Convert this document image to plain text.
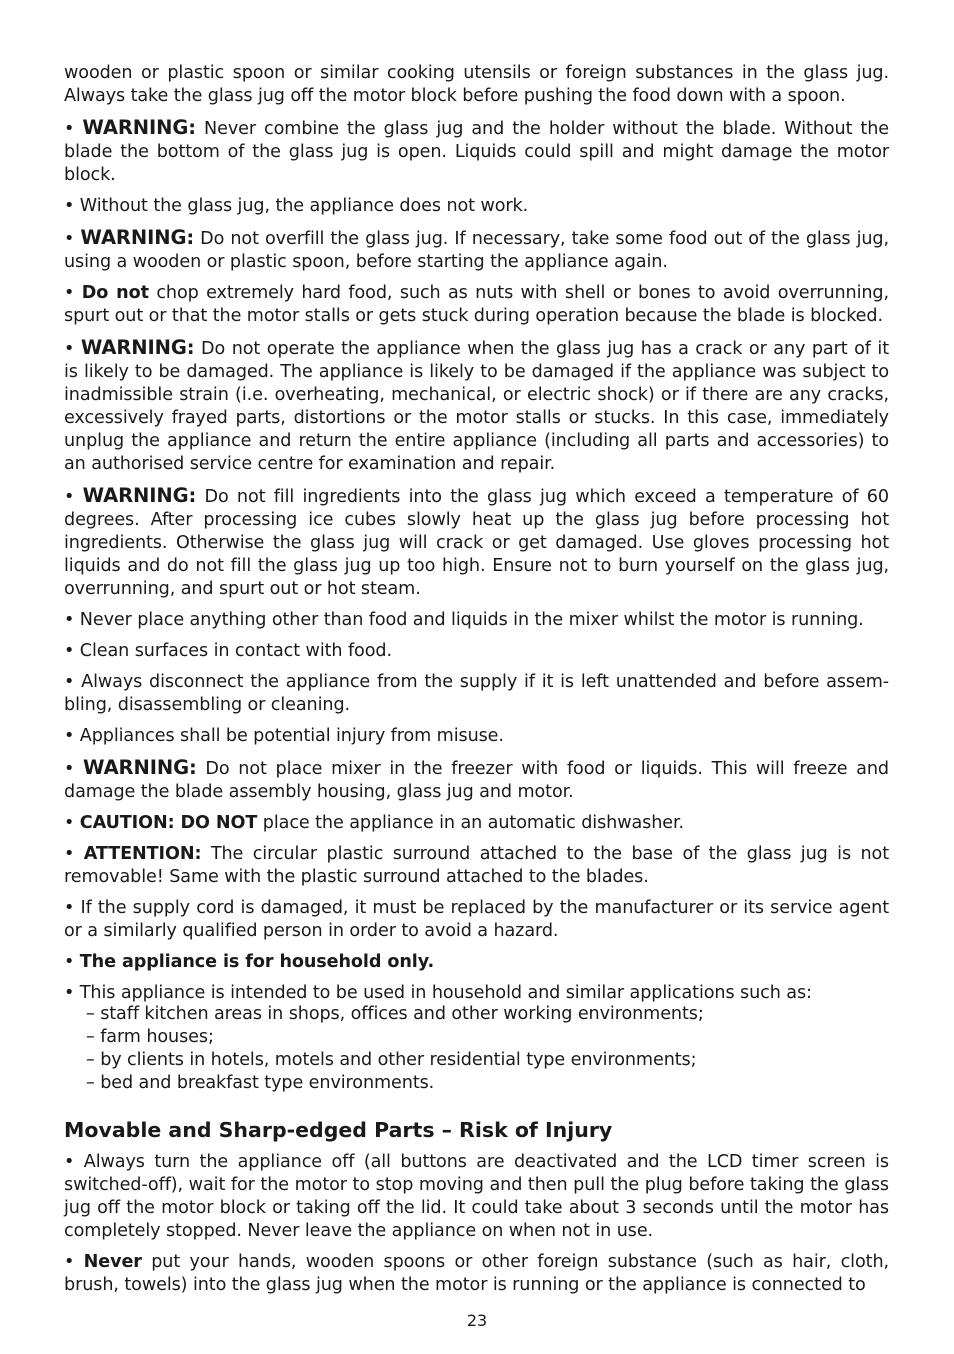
wooden or plastic spoon or similar cooking utensils or foreign substances in the glass jug. Always take the glass jug off the motor block before pushing the food down with a spoon.

• WARNING: Never combine the glass jug and the holder without the blade. Without the blade the bottom of the glass jug is open. Liquids could spill and might damage the motor block.

• Without the glass jug, the appliance does not work.

• WARNING: Do not overfill the glass jug. If necessary, take some food out of the glass jug, using a wooden or plastic spoon, before starting the appliance again.

• Do not chop extremely hard food, such as nuts with shell or bones to avoid overrunning, spurt out or that the motor stalls or gets stuck during operation because the blade is blocked.

• WARNING: Do not operate the appliance when the glass jug has a crack or any part of it is likely to be damaged. The appliance is likely to be damaged if the appliance was subject to inadmissible strain (i.e. overheating, mechanical, or electric shock) or if there are any cracks, excessively frayed parts, distortions or the motor stalls or stucks. In this case, immediately unplug the appliance and return the entire appliance (including all parts and accessories) to an authorised service centre for examination and repair.

• WARNING: Do not fill ingredients into the glass jug which exceed a temperature of 60 degrees. After processing ice cubes slowly heat up the glass jug before processing hot ingredients. Otherwise the glass jug will crack or get damaged. Use gloves processing hot liquids and do not fill the glass jug up too high. Ensure not to burn yourself on the glass jug, overrunning, and spurt out or hot steam.

• Never place anything other than food and liquids in the mixer whilst the motor is running.

• Clean surfaces in contact with food.

• Always disconnect the appliance from the supply if it is left unattended and before assem-bling, disassembling or cleaning.

• Appliances shall be potential injury from misuse.

• WARNING: Do not place mixer in the freezer with food or liquids. This will freeze and damage the blade assembly housing, glass jug and motor.

• CAUTION: DO NOT place the appliance in an automatic dishwasher.

• ATTENTION: The circular plastic surround attached to the base of the glass jug is not removable! Same with the plastic surround attached to the blades.

• If the supply cord is damaged, it must be replaced by the manufacturer or its service agent or a similarly qualified person in order to avoid a hazard.

• The appliance is for household only.

• This appliance is intended to be used in household and similar applications such as:

– staff kitchen areas in shops, offices and other working environments;
– farm houses;
– by clients in hotels, motels and other residential type environments;
– bed and breakfast type environments.

Movable and Sharp-edged Parts – Risk of Injury

• Always turn the appliance off (all buttons are deactivated and the LCD timer screen is switched-off), wait for the motor to stop moving and then pull the plug before taking the glass jug off the motor block or taking off the lid. It could take about 3 seconds until the motor has completely stopped. Never leave the appliance on when not in use.

• Never put your hands, wooden spoons or other foreign substance (such as hair, cloth, brush, towels) into the glass jug when the motor is running or the appliance is connected to

23
